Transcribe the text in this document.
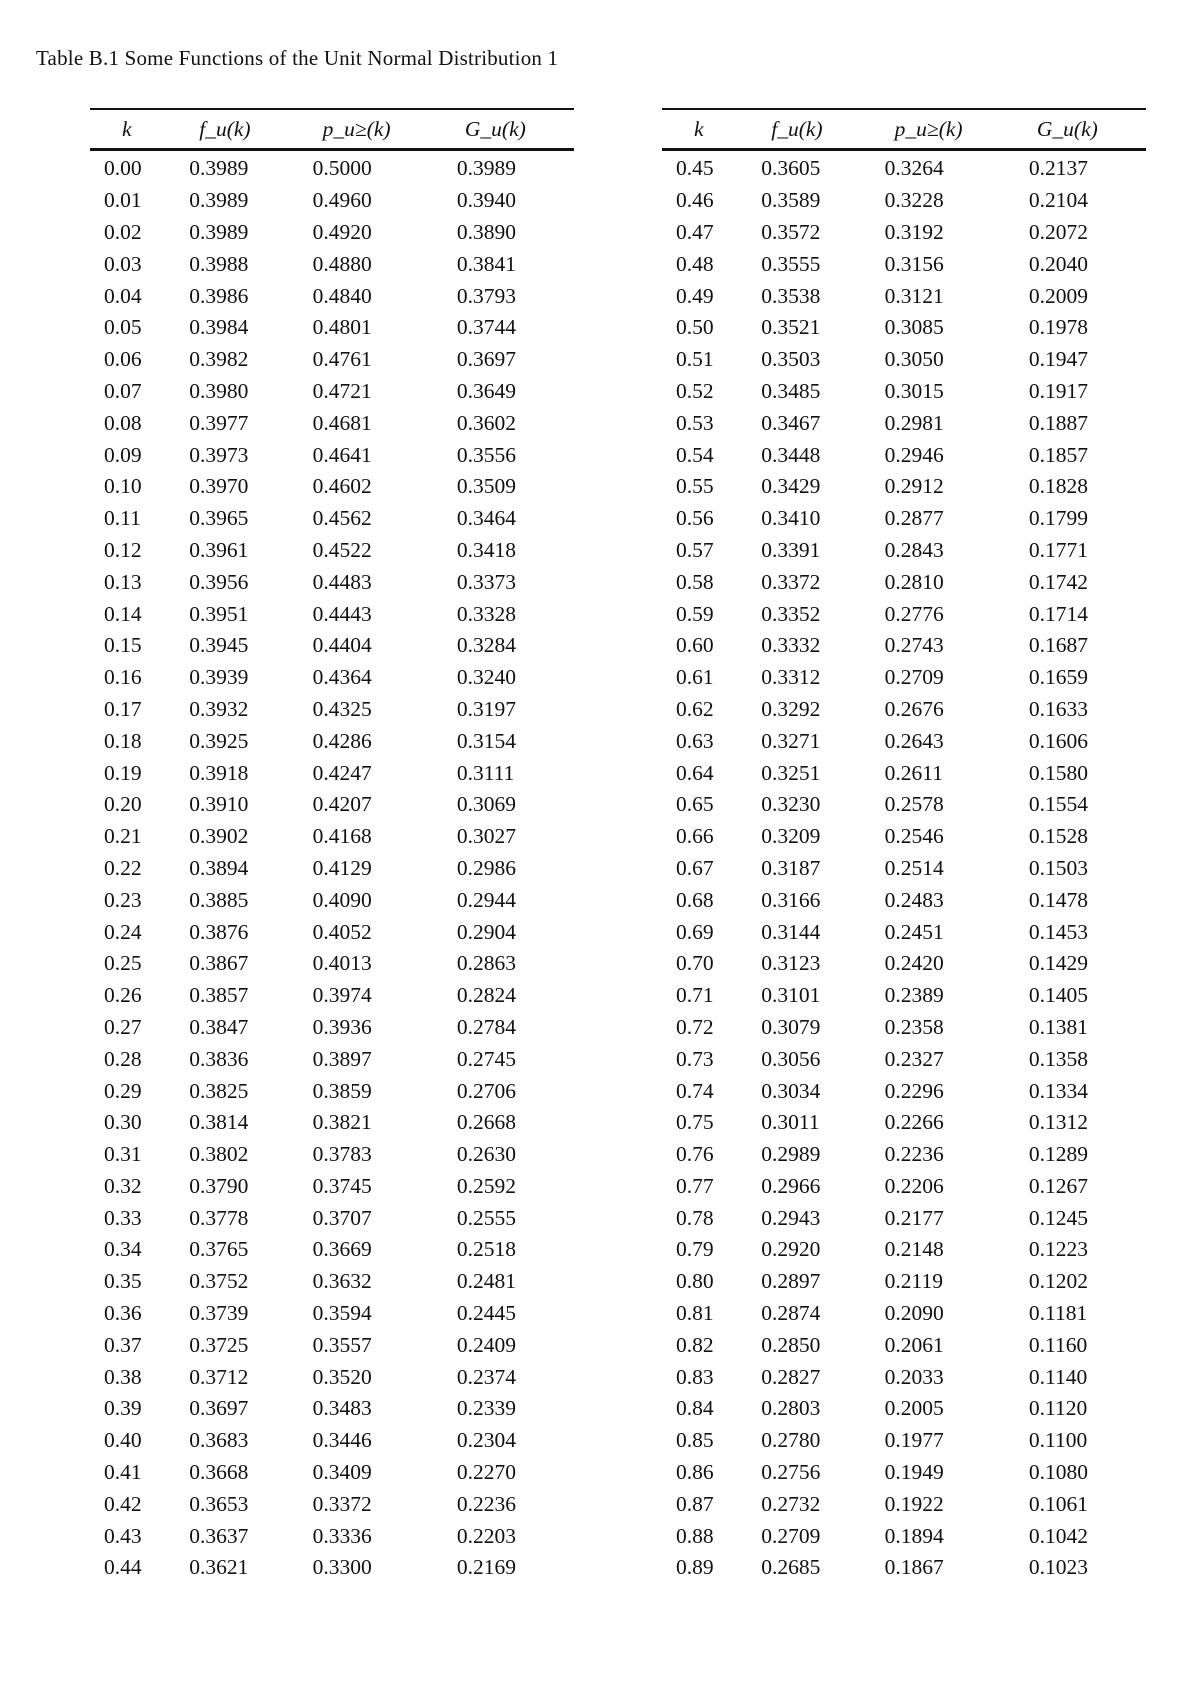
Table B.1 Some Functions of the Unit Normal Distribution 1
k	f_u(k)	p_u≥(k)	G_u(k)
0.00	0.3989	0.5000	0.3989
0.01	0.3989	0.4960	0.3940
0.02	0.3989	0.4920	0.3890
0.03	0.3988	0.4880	0.3841
0.04	0.3986	0.4840	0.3793
0.05	0.3984	0.4801	0.3744
0.06	0.3982	0.4761	0.3697
0.07	0.3980	0.4721	0.3649
0.08	0.3977	0.4681	0.3602
0.09	0.3973	0.4641	0.3556
0.10	0.3970	0.4602	0.3509
0.11	0.3965	0.4562	0.3464
0.12	0.3961	0.4522	0.3418
0.13	0.3956	0.4483	0.3373
0.14	0.3951	0.4443	0.3328
0.15	0.3945	0.4404	0.3284
0.16	0.3939	0.4364	0.3240
0.17	0.3932	0.4325	0.3197
0.18	0.3925	0.4286	0.3154
0.19	0.3918	0.4247	0.3111
0.20	0.3910	0.4207	0.3069
0.21	0.3902	0.4168	0.3027
0.22	0.3894	0.4129	0.2986
0.23	0.3885	0.4090	0.2944
0.24	0.3876	0.4052	0.2904
0.25	0.3867	0.4013	0.2863
0.26	0.3857	0.3974	0.2824
0.27	0.3847	0.3936	0.2784
0.28	0.3836	0.3897	0.2745
0.29	0.3825	0.3859	0.2706
0.30	0.3814	0.3821	0.2668
0.31	0.3802	0.3783	0.2630
0.32	0.3790	0.3745	0.2592
0.33	0.3778	0.3707	0.2555
0.34	0.3765	0.3669	0.2518
0.35	0.3752	0.3632	0.2481
0.36	0.3739	0.3594	0.2445
0.37	0.3725	0.3557	0.2409
0.38	0.3712	0.3520	0.2374
0.39	0.3697	0.3483	0.2339
0.40	0.3683	0.3446	0.2304
0.41	0.3668	0.3409	0.2270
0.42	0.3653	0.3372	0.2236
0.43	0.3637	0.3336	0.2203
0.44	0.3621	0.3300	0.2169
k	f_u(k)	p_u≥(k)	G_u(k)
0.45	0.3605	0.3264	0.2137
0.46	0.3589	0.3228	0.2104
0.47	0.3572	0.3192	0.2072
0.48	0.3555	0.3156	0.2040
0.49	0.3538	0.3121	0.2009
0.50	0.3521	0.3085	0.1978
0.51	0.3503	0.3050	0.1947
0.52	0.3485	0.3015	0.1917
0.53	0.3467	0.2981	0.1887
0.54	0.3448	0.2946	0.1857
0.55	0.3429	0.2912	0.1828
0.56	0.3410	0.2877	0.1799
0.57	0.3391	0.2843	0.1771
0.58	0.3372	0.2810	0.1742
0.59	0.3352	0.2776	0.1714
0.60	0.3332	0.2743	0.1687
0.61	0.3312	0.2709	0.1659
0.62	0.3292	0.2676	0.1633
0.63	0.3271	0.2643	0.1606
0.64	0.3251	0.2611	0.1580
0.65	0.3230	0.2578	0.1554
0.66	0.3209	0.2546	0.1528
0.67	0.3187	0.2514	0.1503
0.68	0.3166	0.2483	0.1478
0.69	0.3144	0.2451	0.1453
0.70	0.3123	0.2420	0.1429
0.71	0.3101	0.2389	0.1405
0.72	0.3079	0.2358	0.1381
0.73	0.3056	0.2327	0.1358
0.74	0.3034	0.2296	0.1334
0.75	0.3011	0.2266	0.1312
0.76	0.2989	0.2236	0.1289
0.77	0.2966	0.2206	0.1267
0.78	0.2943	0.2177	0.1245
0.79	0.2920	0.2148	0.1223
0.80	0.2897	0.2119	0.1202
0.81	0.2874	0.2090	0.1181
0.82	0.2850	0.2061	0.1160
0.83	0.2827	0.2033	0.1140
0.84	0.2803	0.2005	0.1120
0.85	0.2780	0.1977	0.1100
0.86	0.2756	0.1949	0.1080
0.87	0.2732	0.1922	0.1061
0.88	0.2709	0.1894	0.1042
0.89	0.2685	0.1867	0.1023
